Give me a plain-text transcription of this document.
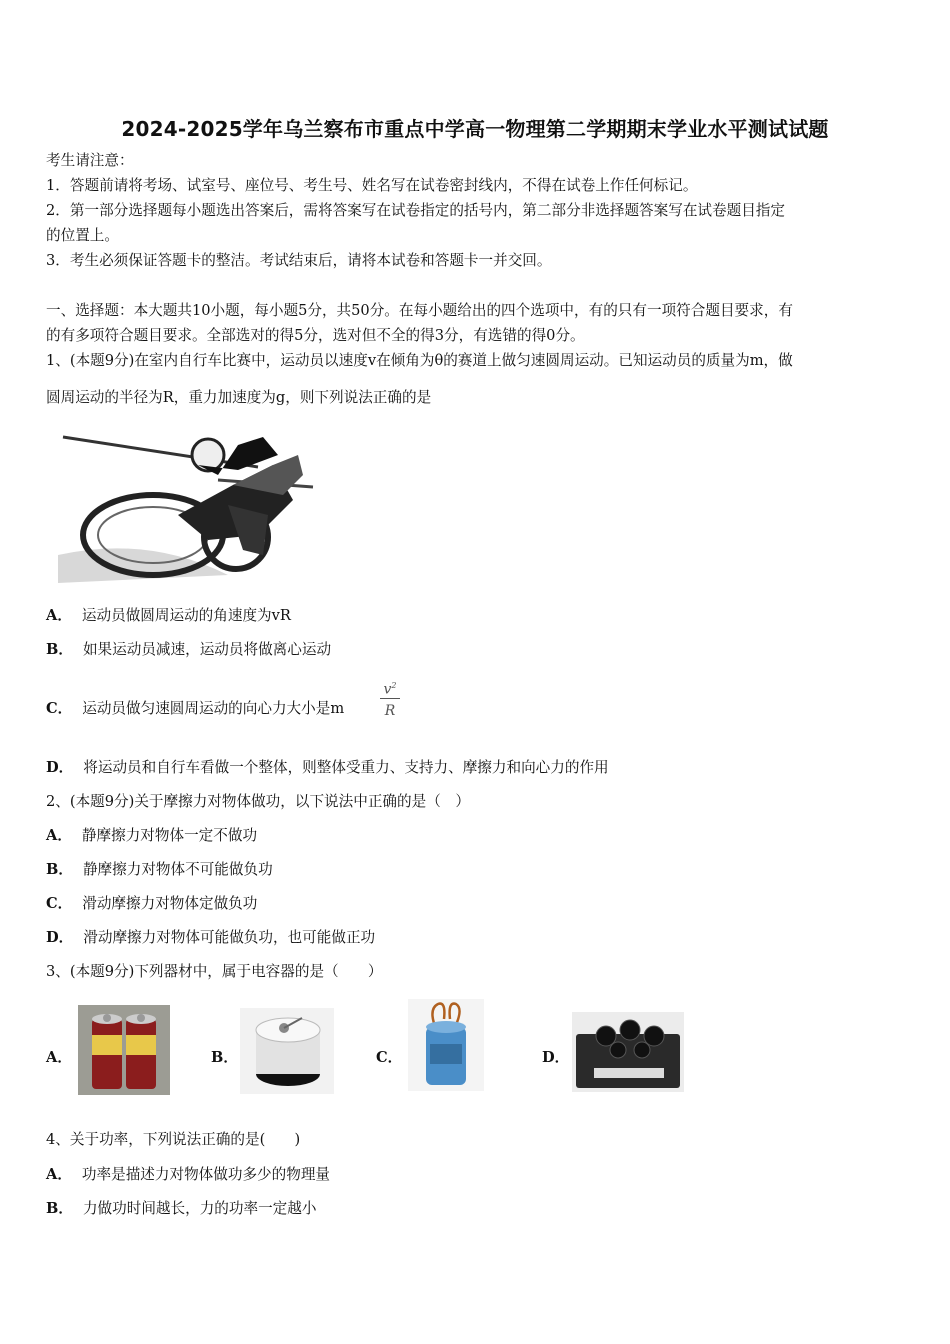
2024-2025学年乌兰察布市重点中学高一物理第二学期期末学业水平测试试题
考生请注意：
1．答题前请将考场、试室号、座位号、考生号、姓名写在试卷密封线内，不得在试卷上作任何标记。
2．第一部分选择题每小题选出答案后，需将答案写在试卷指定的括号内，第二部分非选择题答案写在试卷题目指定
的位置上。
3．考生必须保证答题卡的整洁。考试结束后，请将本试卷和答题卡一并交回。
一、选择题：本大题共10小题，每小题5分，共50分。在每小题给出的四个选项中，有的只有一项符合题目要求，有
的有多项符合题目要求。全部选对的得5分，选对但不全的得3分，有选错的得0分。
1、(本题9分)在室内自行车比赛中，运动员以速度v在倾角为θ的赛道上做匀速圆周运动。已知运动员的质量为m，做
圆周运动的半径为R，重力加速度为g，则下列说法正确的是
A． 运动员做圆周运动的角速度为vR
B． 如果运动员减速，运动员将做离心运动
C． 运动员做匀速圆周运动的向心力大小是m
$v^2$
R
D． 将运动员和自行车看做一个整体，则整体受重力、支持力、摩擦力和向心力的作用
2、(本题9分)关于摩擦力对物体做功，以下说法中正确的是（　）
A． 静摩擦力对物体一定不做功
B． 静摩擦力对物体不可能做负功
C． 滑动摩擦力对物体定做负功
D． 滑动摩擦力对物体可能做负功，也可能做正功
3、(本题9分)下列器材中，属于电容器的是（　　）
A．	B．	C．	D．
4、关于功率，下列说法正确的是(　　)
A． 功率是描述力对物体做功多少的物理量
B． 力做功时间越长，力的功率一定越小
